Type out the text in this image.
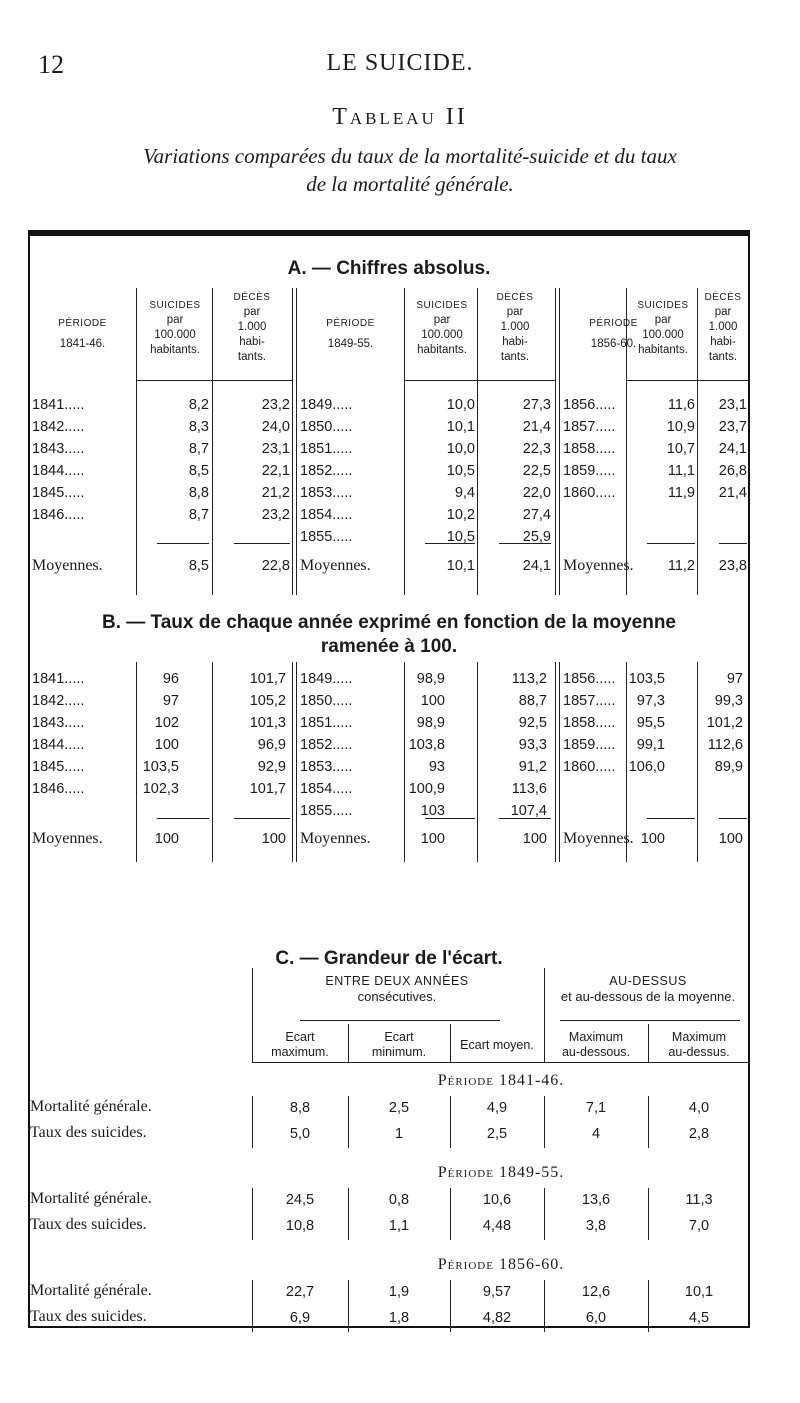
12	LE SUICIDE.
Tableau II
Variations comparées du taux de la mortalité-suicide et du taux
de la mortalité générale.
A. — Chiffres absolus.
PÉRIODE
1841-46.
SUICIDES
par
100.000
habitants.
DÉCÈS
par
1.000
habi-
tants.
PÉRIODE
1849-55.
SUICIDES
par
100.000
habitants.
DÉCÈS
par
1.000
habi-
tants.
PÉRIODE
1856-60.
SUICIDES
par
100.000
habitants.
DÉCÈS
par
1.000
habi-
tants.
1841.....	8,2	23,2
1842.....	8,3	24,0
1843.....	8,7	23,1
1844.....	8,5	22,1
1845.....	8,8	21,2
1846.....	8,7	23,2
Moyennes.	8,5	22,8
1849.....	10,0	27,3
1850.....	10,1	21,4
1851.....	10,0	22,3
1852.....	10,5	22,5
1853.....	9,4	22,0
1854.....	10,2	27,4
1855.....	10,5	25,9
Moyennes.	10,1	24,1
1856.....	11,6	23,1
1857.....	10,9	23,7
1858.....	10,7	24,1
1859.....	11,1	26,8
1860.....	11,9	21,4
Moyennes.	11,2	23,8
B. — Taux de chaque année exprimé en fonction de la moyenne
ramenée à 100.
1841.....	96	101,7
1842.....	97	105,2
1843.....	102	101,3
1844.....	100	96,9
1845.....	103,5	92,9
1846.....	102,3	101,7
Moyennes.	100	100
1849.....	98,9	113,2
1850.....	100	88,7
1851.....	98,9	92,5
1852.....	103,8	93,3
1853.....	93	91,2
1854.....	100,9	113,6
1855.....	103	107,4
Moyennes.	100	100
1856..... 103,5	97
1857.....	97,3	99,3
1858.....	95,5	101,2
1859.....	99,1	112,6
1860..... 106,0	89,9
Moyennes. 100	100
C. — Grandeur de l'écart.
ENTRE DEUX ANNÉES
consécutives.
AU-DESSUS
et au-dessous de la moyenne.
Ecart
maximum.
Ecart
minimum.	Ecart moyen.
Maximum
au-dessous.
Maximum
au-dessus.
Période 1841-46.
Mortalité générale.	8,8	2,5	4,9	7,1	4,0
Taux des suicides.	5,0	1	2,5	4	2,8
Période 1849-55.
Mortalité générale.	24,5	0,8	10,6	13,6	11,3
Taux des suicides.	10,8	1,1	4,48	3,8	7,0
Période 1856-60.
Mortalité générale.	22,7	1,9	9,57	12,6	10,1
Taux des suicides.	6,9	1,8	4,82	6,0	4,5
